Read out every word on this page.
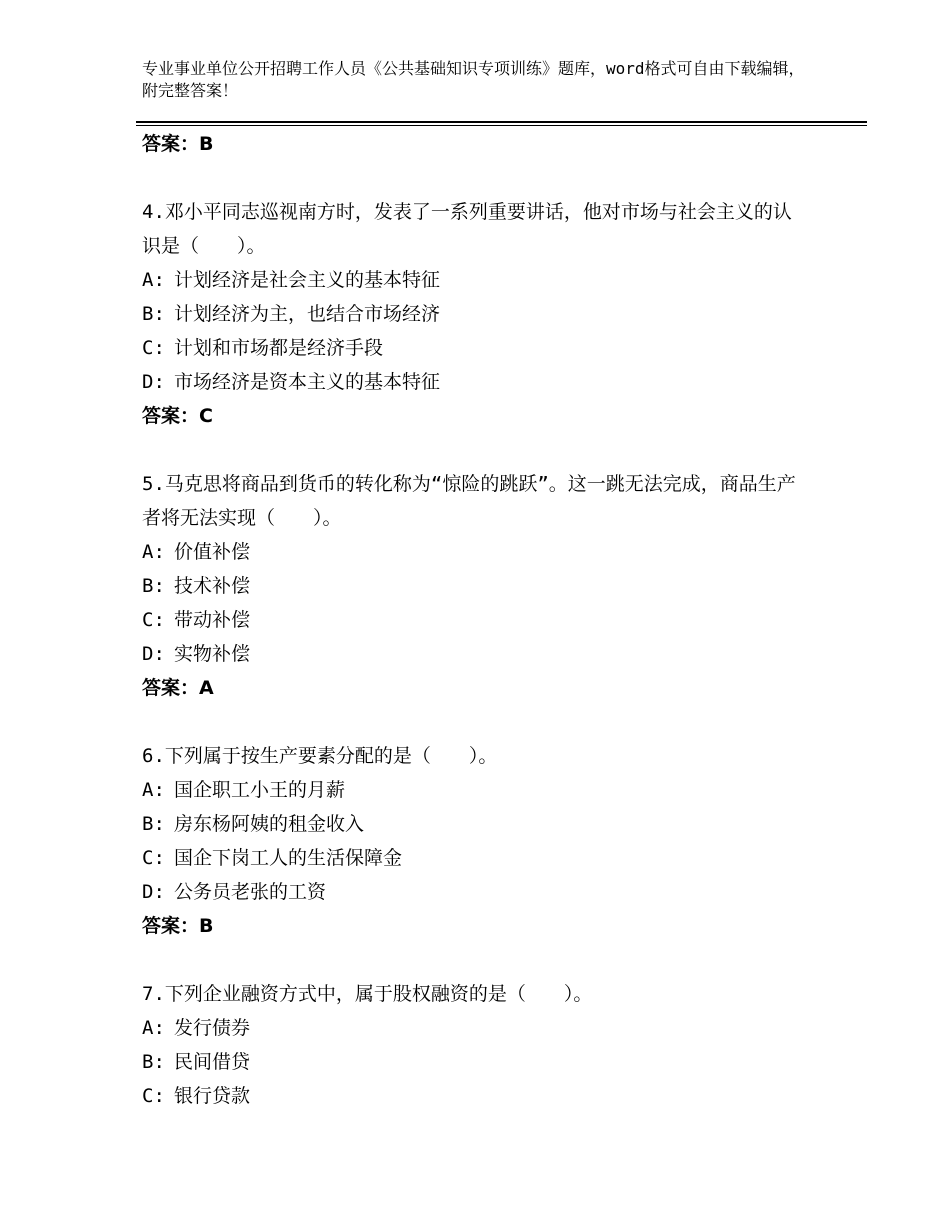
专业事业单位公开招聘工作人员《公共基础知识专项训练》题库，word格式可自由下载编辑，附完整答案！

答案：B

4.邓小平同志巡视南方时，发表了一系列重要讲话，他对市场与社会主义的认识是（　　）。

A: 计划经济是社会主义的基本特征
B: 计划经济为主，也结合市场经济
C: 计划和市场都是经济手段
D: 市场经济是资本主义的基本特征

答案：C

5.马克思将商品到货币的转化称为“惊险的跳跃”。这一跳无法完成，商品生产者将无法实现（　　）。

A: 价值补偿
B: 技术补偿
C: 带动补偿
D: 实物补偿

答案：A

6.下列属于按生产要素分配的是（　　）。

A: 国企职工小王的月薪
B: 房东杨阿姨的租金收入
C: 国企下岗工人的生活保障金
D: 公务员老张的工资

答案：B

7.下列企业融资方式中，属于股权融资的是（　　）。

A: 发行债券
B: 民间借贷
C: 银行贷款
